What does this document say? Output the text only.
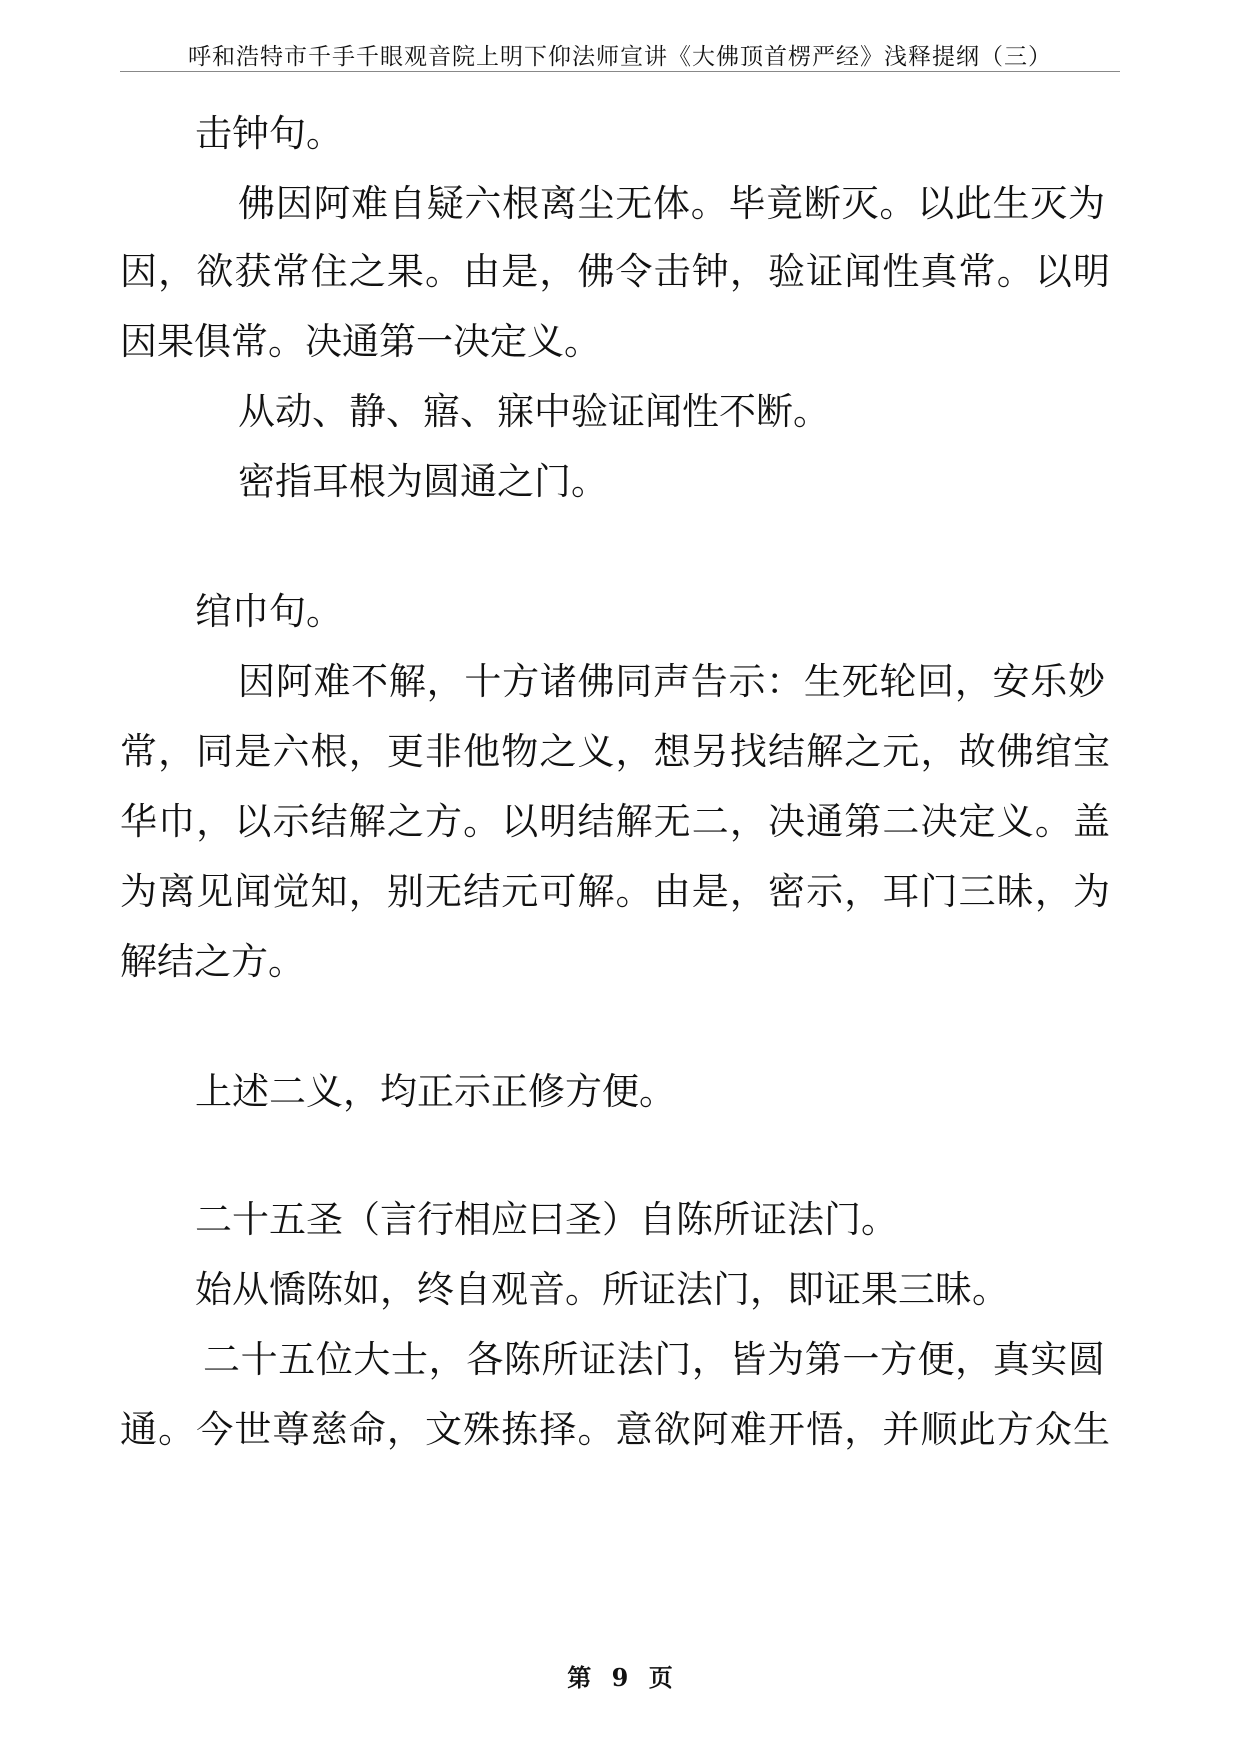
呼和浩特市千手千眼观音院上明下仰法师宣讲《大佛顶首楞严经》浅释提纲（三）
击钟句。
佛因阿难自疑六根离尘无体。毕竟断灭。以此生灭为
因，欲获常住之果。由是，佛令击钟，验证闻性真常。以明
因果俱常。决通第一决定义。
从动、静、寤、寐中验证闻性不断。
密指耳根为圆通之门。
绾巾句。
因阿难不解，十方诸佛同声告示：生死轮回，安乐妙
常，同是六根，更非他物之义，想另找结解之元，故佛绾宝
华巾，以示结解之方。以明结解无二，决通第二决定义。盖
为离见闻觉知，别无结元可解。由是，密示，耳门三昧，为
解结之方。
上述二义，均正示正修方便。
二十五圣（言行相应曰圣）自陈所证法门。
始从憍陈如，终自观音。所证法门，即证果三昧。
二十五位大士，各陈所证法门，皆为第一方便，真实圆
通。今世尊慈命，文殊拣择。意欲阿难开悟，并顺此方众生
第 9 页
